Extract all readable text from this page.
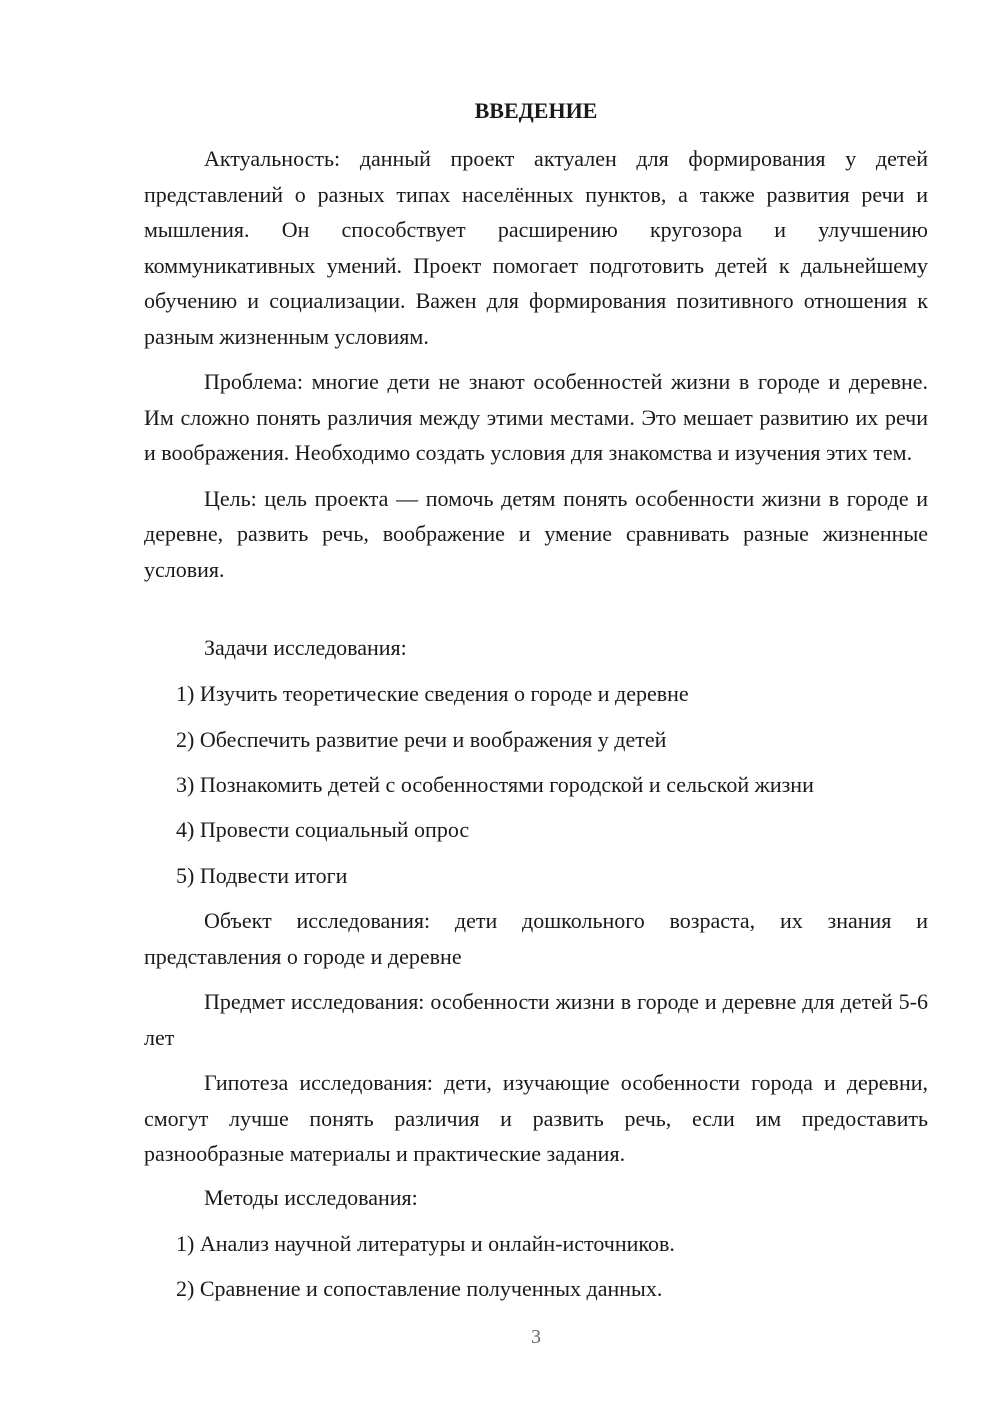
ВВЕДЕНИЕ

Актуальность: данный проект актуален для формирования у детей представлений о разных типах населённых пунктов, а также развития речи и мышления. Он способствует расширению кругозора и улучшению коммуникативных умений. Проект помогает подготовить детей к дальнейшему обучению и социализации. Важен для формирования позитивного отношения к разным жизненным условиям.

Проблема: многие дети не знают особенностей жизни в городе и деревне. Им сложно понять различия между этими местами. Это мешает развитию их речи и воображения. Необходимо создать условия для знакомства и изучения этих тем.

Цель: цель проекта — помочь детям понять особенности жизни в городе и деревне, развить речь, воображение и умение сравнивать разные жизненные условия.

Задачи исследования:

1) Изучить теоретические сведения о городе и деревне

2) Обеспечить развитие речи и воображения у детей

3) Познакомить детей с особенностями городской и сельской жизни

4) Провести социальный опрос

5) Подвести итоги

Объект исследования: дети дошкольного возраста, их знания и представления о городе и деревне

Предмет исследования: особенности жизни в городе и деревне для детей 5-6 лет

Гипотеза исследования: дети, изучающие особенности города и деревни, смогут лучше понять различия и развить речь, если им предоставить разнообразные материалы и практические задания.

Методы исследования:

1) Анализ научной литературы и онлайн-источников.

2) Сравнение и сопоставление полученных данных.

3
